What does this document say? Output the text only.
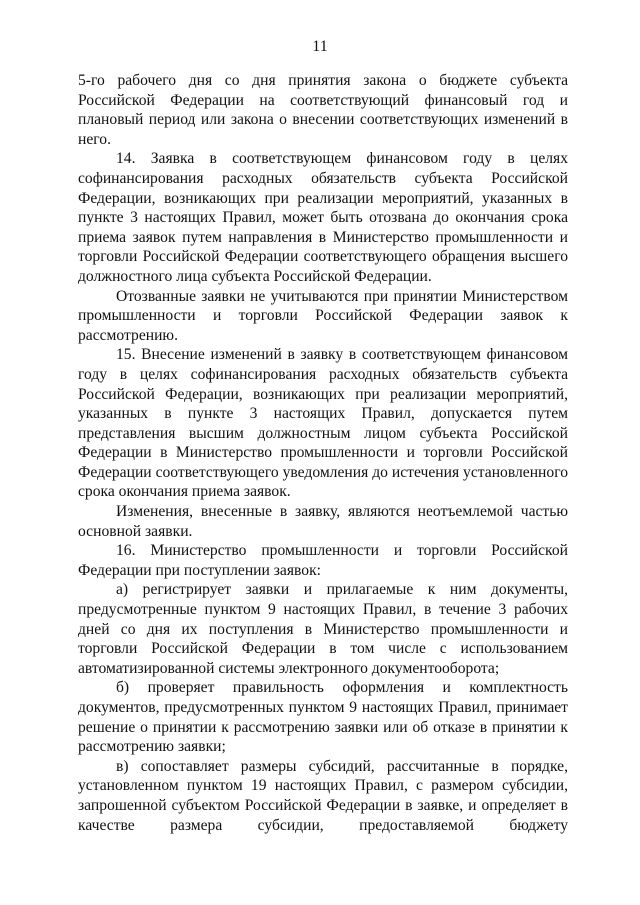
11

5-го рабочего дня со дня принятия закона о бюджете субъекта Российской Федерации на соответствующий финансовый год и плановый период или закона о внесении соответствующих изменений в него.

14. Заявка в соответствующем финансовом году в целях софинансирования расходных обязательств субъекта Российской Федерации, возникающих при реализации мероприятий, указанных в пункте 3 настоящих Правил, может быть отозвана до окончания срока приема заявок путем направления в Министерство промышленности и торговли Российской Федерации соответствующего обращения высшего должностного лица субъекта Российской Федерации.

Отозванные заявки не учитываются при принятии Министерством промышленности и торговли Российской Федерации заявок к рассмотрению.

15. Внесение изменений в заявку в соответствующем финансовом году в целях софинансирования расходных обязательств субъекта Российской Федерации, возникающих при реализации мероприятий, указанных в пункте 3 настоящих Правил, допускается путем представления высшим должностным лицом субъекта Российской Федерации в Министерство промышленности и торговли Российской Федерации соответствующего уведомления до истечения установленного срока окончания приема заявок.

Изменения, внесенные в заявку, являются неотъемлемой частью основной заявки.

16. Министерство промышленности и торговли Российской Федерации при поступлении заявок:

а) регистрирует заявки и прилагаемые к ним документы, предусмотренные пунктом 9 настоящих Правил, в течение 3 рабочих дней со дня их поступления в Министерство промышленности и торговли Российской Федерации в том числе с использованием автоматизированной системы электронного документооборота;

б) проверяет правильность оформления и комплектность документов, предусмотренных пунктом 9 настоящих Правил, принимает решение о принятии к рассмотрению заявки или об отказе в принятии к рассмотрению заявки;

в) сопоставляет размеры субсидий, рассчитанные в порядке, установленном пунктом 19 настоящих Правил, с размером субсидии, запрошенной субъектом Российской Федерации в заявке, и определяет в качестве размера субсидии, предоставляемой бюджету
